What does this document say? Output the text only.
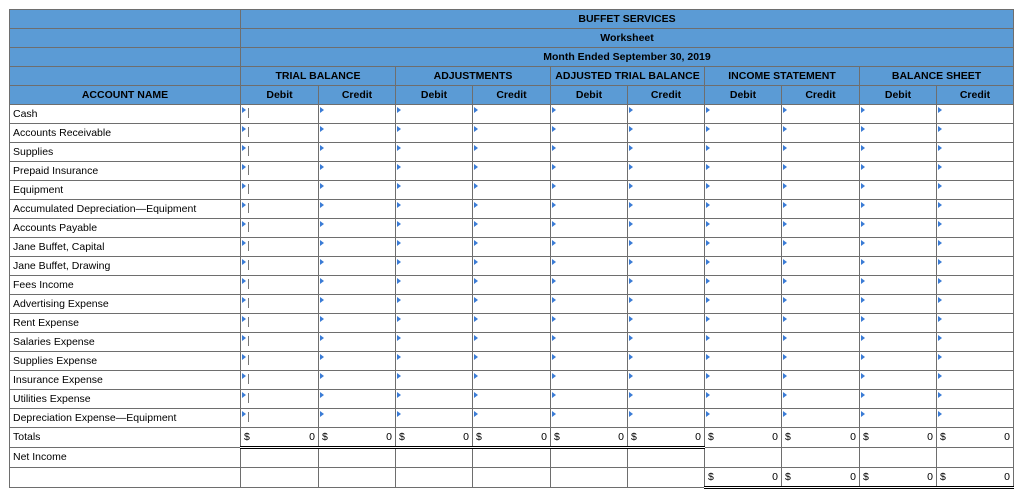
	BUFFET SERVICES									
	Worksheet									
	Month Ended September 30, 2019									
	TRIAL BALANCE		ADJUSTMENTS		ADJUSTED TRIAL BALANCE		INCOME STATEMENT		BALANCE SHEET	
ACCOUNT NAME	Debit	Credit	Debit	Credit	Debit	Credit	Debit	Credit	Debit	Credit
Cash	

Accounts Receivable	

Supplies	

Prepaid Insurance	

Equipment	

Accumulated Depreciation—Equipment	

Accounts Payable	

Jane Buffet, Capital	

Jane Buffet, Drawing	

Fees Income	

Advertising Expense	

Rent Expense	

Salaries Expense	

Supplies Expense	

Insurance Expense	

Utilities Expense	

Depreciation Expense—Equipment	

Totals	$ 0	$ 0	$ 0	$ 0	$ 0	$ 0	$ 0	$ 0	$ 0	$ 0

Net Income										

							$ 0	$ 0	$ 0	$ 0
